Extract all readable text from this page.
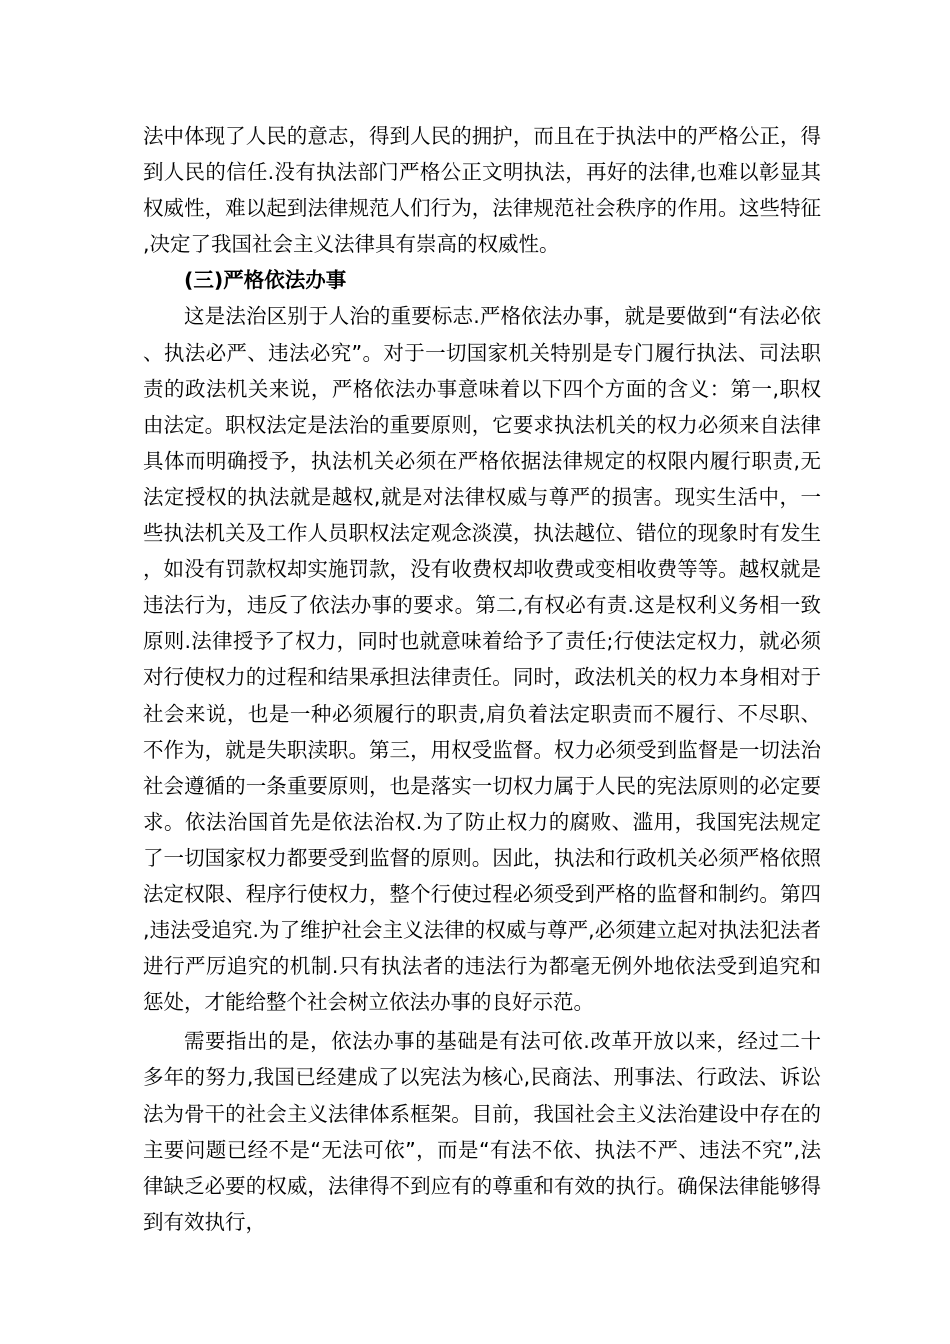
法中体现了人民的意志，得到人民的拥护，而且在于执法中的严格公正，得到人民的信任.没有执法部门严格公正文明执法，再好的法律,也难以彰显其权威性，难以起到法律规范人们行为，法律规范社会秩序的作用。这些特征,决定了我国社会主义法律具有崇高的权威性。

(三)严格依法办事

这是法治区别于人治的重要标志.严格依法办事，就是要做到“有法必依、执法必严、违法必究”。对于一切国家机关特别是专门履行执法、司法职责的政法机关来说，严格依法办事意味着以下四个方面的含义：第一,职权由法定。职权法定是法治的重要原则，它要求执法机关的权力必须来自法律具体而明确授予，执法机关必须在严格依据法律规定的权限内履行职责,无法定授权的执法就是越权,就是对法律权威与尊严的损害。现实生活中，一些执法机关及工作人员职权法定观念淡漠，执法越位、错位的现象时有发生，如没有罚款权却实施罚款，没有收费权却收费或变相收费等等。越权就是违法行为，违反了依法办事的要求。第二,有权必有责.这是权利义务相一致原则.法律授予了权力，同时也就意味着给予了责任;行使法定权力，就必须对行使权力的过程和结果承担法律责任。同时，政法机关的权力本身相对于社会来说，也是一种必须履行的职责,肩负着法定职责而不履行、不尽职、不作为，就是失职渎职。第三，用权受监督。权力必须受到监督是一切法治社会遵循的一条重要原则，也是落实一切权力属于人民的宪法原则的必定要求。依法治国首先是依法治权.为了防止权力的腐败、滥用，我国宪法规定了一切国家权力都要受到监督的原则。因此，执法和行政机关必须严格依照法定权限、程序行使权力，整个行使过程必须受到严格的监督和制约。第四,违法受追究.为了维护社会主义法律的权威与尊严,必须建立起对执法犯法者进行严厉追究的机制.只有执法者的违法行为都毫无例外地依法受到追究和惩处，才能给整个社会树立依法办事的良好示范。

需要指出的是，依法办事的基础是有法可依.改革开放以来，经过二十多年的努力,我国已经建成了以宪法为核心,民商法、刑事法、行政法、诉讼法为骨干的社会主义法律体系框架。目前，我国社会主义法治建设中存在的主要问题已经不是“无法可依”，而是“有法不依、执法不严、违法不究”,法律缺乏必要的权威，法律得不到应有的尊重和有效的执行。确保法律能够得到有效执行，
